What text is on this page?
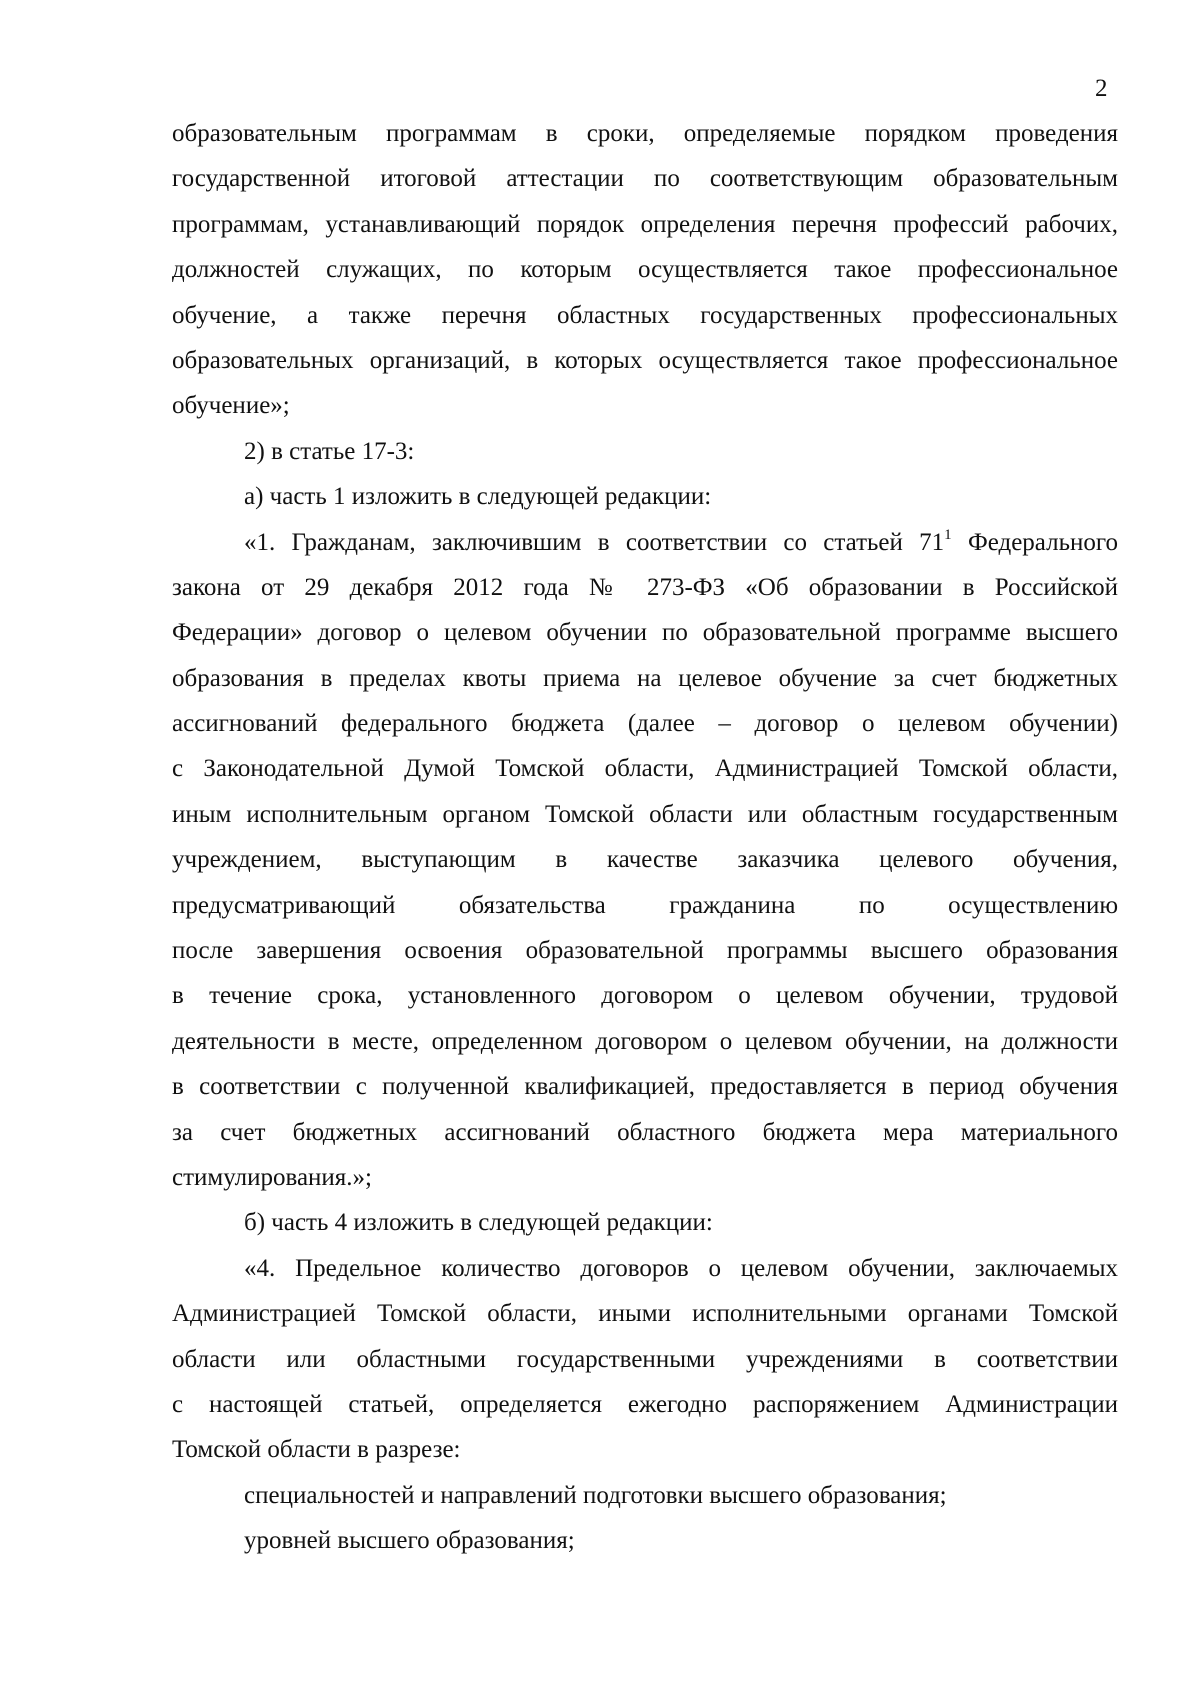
2
образовательным программам в сроки, определяемые порядком проведения
государственной итоговой аттестации по соответствующим образовательным
программам, устанавливающий порядок определения перечня профессий рабочих,
должностей служащих, по которым осуществляется такое профессиональное
обучение, а также перечня областных государственных профессиональных
образовательных организаций, в которых осуществляется такое профессиональное
обучение»;
2) в статье 17-3:
а) часть 1 изложить в следующей редакции:
«1. Гражданам, заключившим в соответствии со статьей $71^1$ Федерального
закона от 29 декабря 2012 года № 273-ФЗ «Об образовании в Российской
Федерации» договор о целевом обучении по образовательной программе высшего
образования в пределах квоты приема на целевое обучение за счет бюджетных
ассигнований федерального бюджета (далее – договор о целевом обучении)
с Законодательной Думой Томской области, Администрацией Томской области,
иным исполнительным органом Томской области или областным государственным
учреждением, выступающим в качестве заказчика целевого обучения,
предусматривающий обязательства гражданина по осуществлению
после завершения освоения образовательной программы высшего образования
в течение срока, установленного договором о целевом обучении, трудовой
деятельности в месте, определенном договором о целевом обучении, на должности
в соответствии с полученной квалификацией, предоставляется в период обучения
за счет бюджетных ассигнований областного бюджета мера материального
стимулирования.»;
б) часть 4 изложить в следующей редакции:
«4. Предельное количество договоров о целевом обучении, заключаемых
Администрацией Томской области, иными исполнительными органами Томской
области или областными государственными учреждениями в соответствии
с настоящей статьей, определяется ежегодно распоряжением Администрации
Томской области в разрезе:
специальностей и направлений подготовки высшего образования;
уровней высшего образования;
